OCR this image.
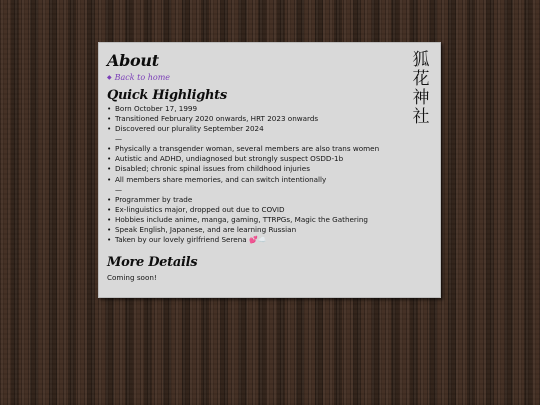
About
◆ Back to home
狐
花
神
社
Quick Highlights
• Born October 17, 1999
• Transitioned February 2020 onwards, HRT 2023 onwards
• Discovered our plurality September 2024
—
• Physically a transgender woman, several members are also trans women
• Autistic and ADHD, undiagnosed but strongly suspect OSDD-1b
• Disabled; chronic spinal issues from childhood injuries
• All members share memories, and can switch intentionally
—
• Programmer by trade
• Ex-linguistics major, dropped out due to COVID
• Hobbies include anime, manga, gaming, TTRPGs, Magic the Gathering
• Speak English, Japanese, and are learning Russian
• Taken by our lovely girlfriend Serena 💕☁️
More Details

Coming soon!
